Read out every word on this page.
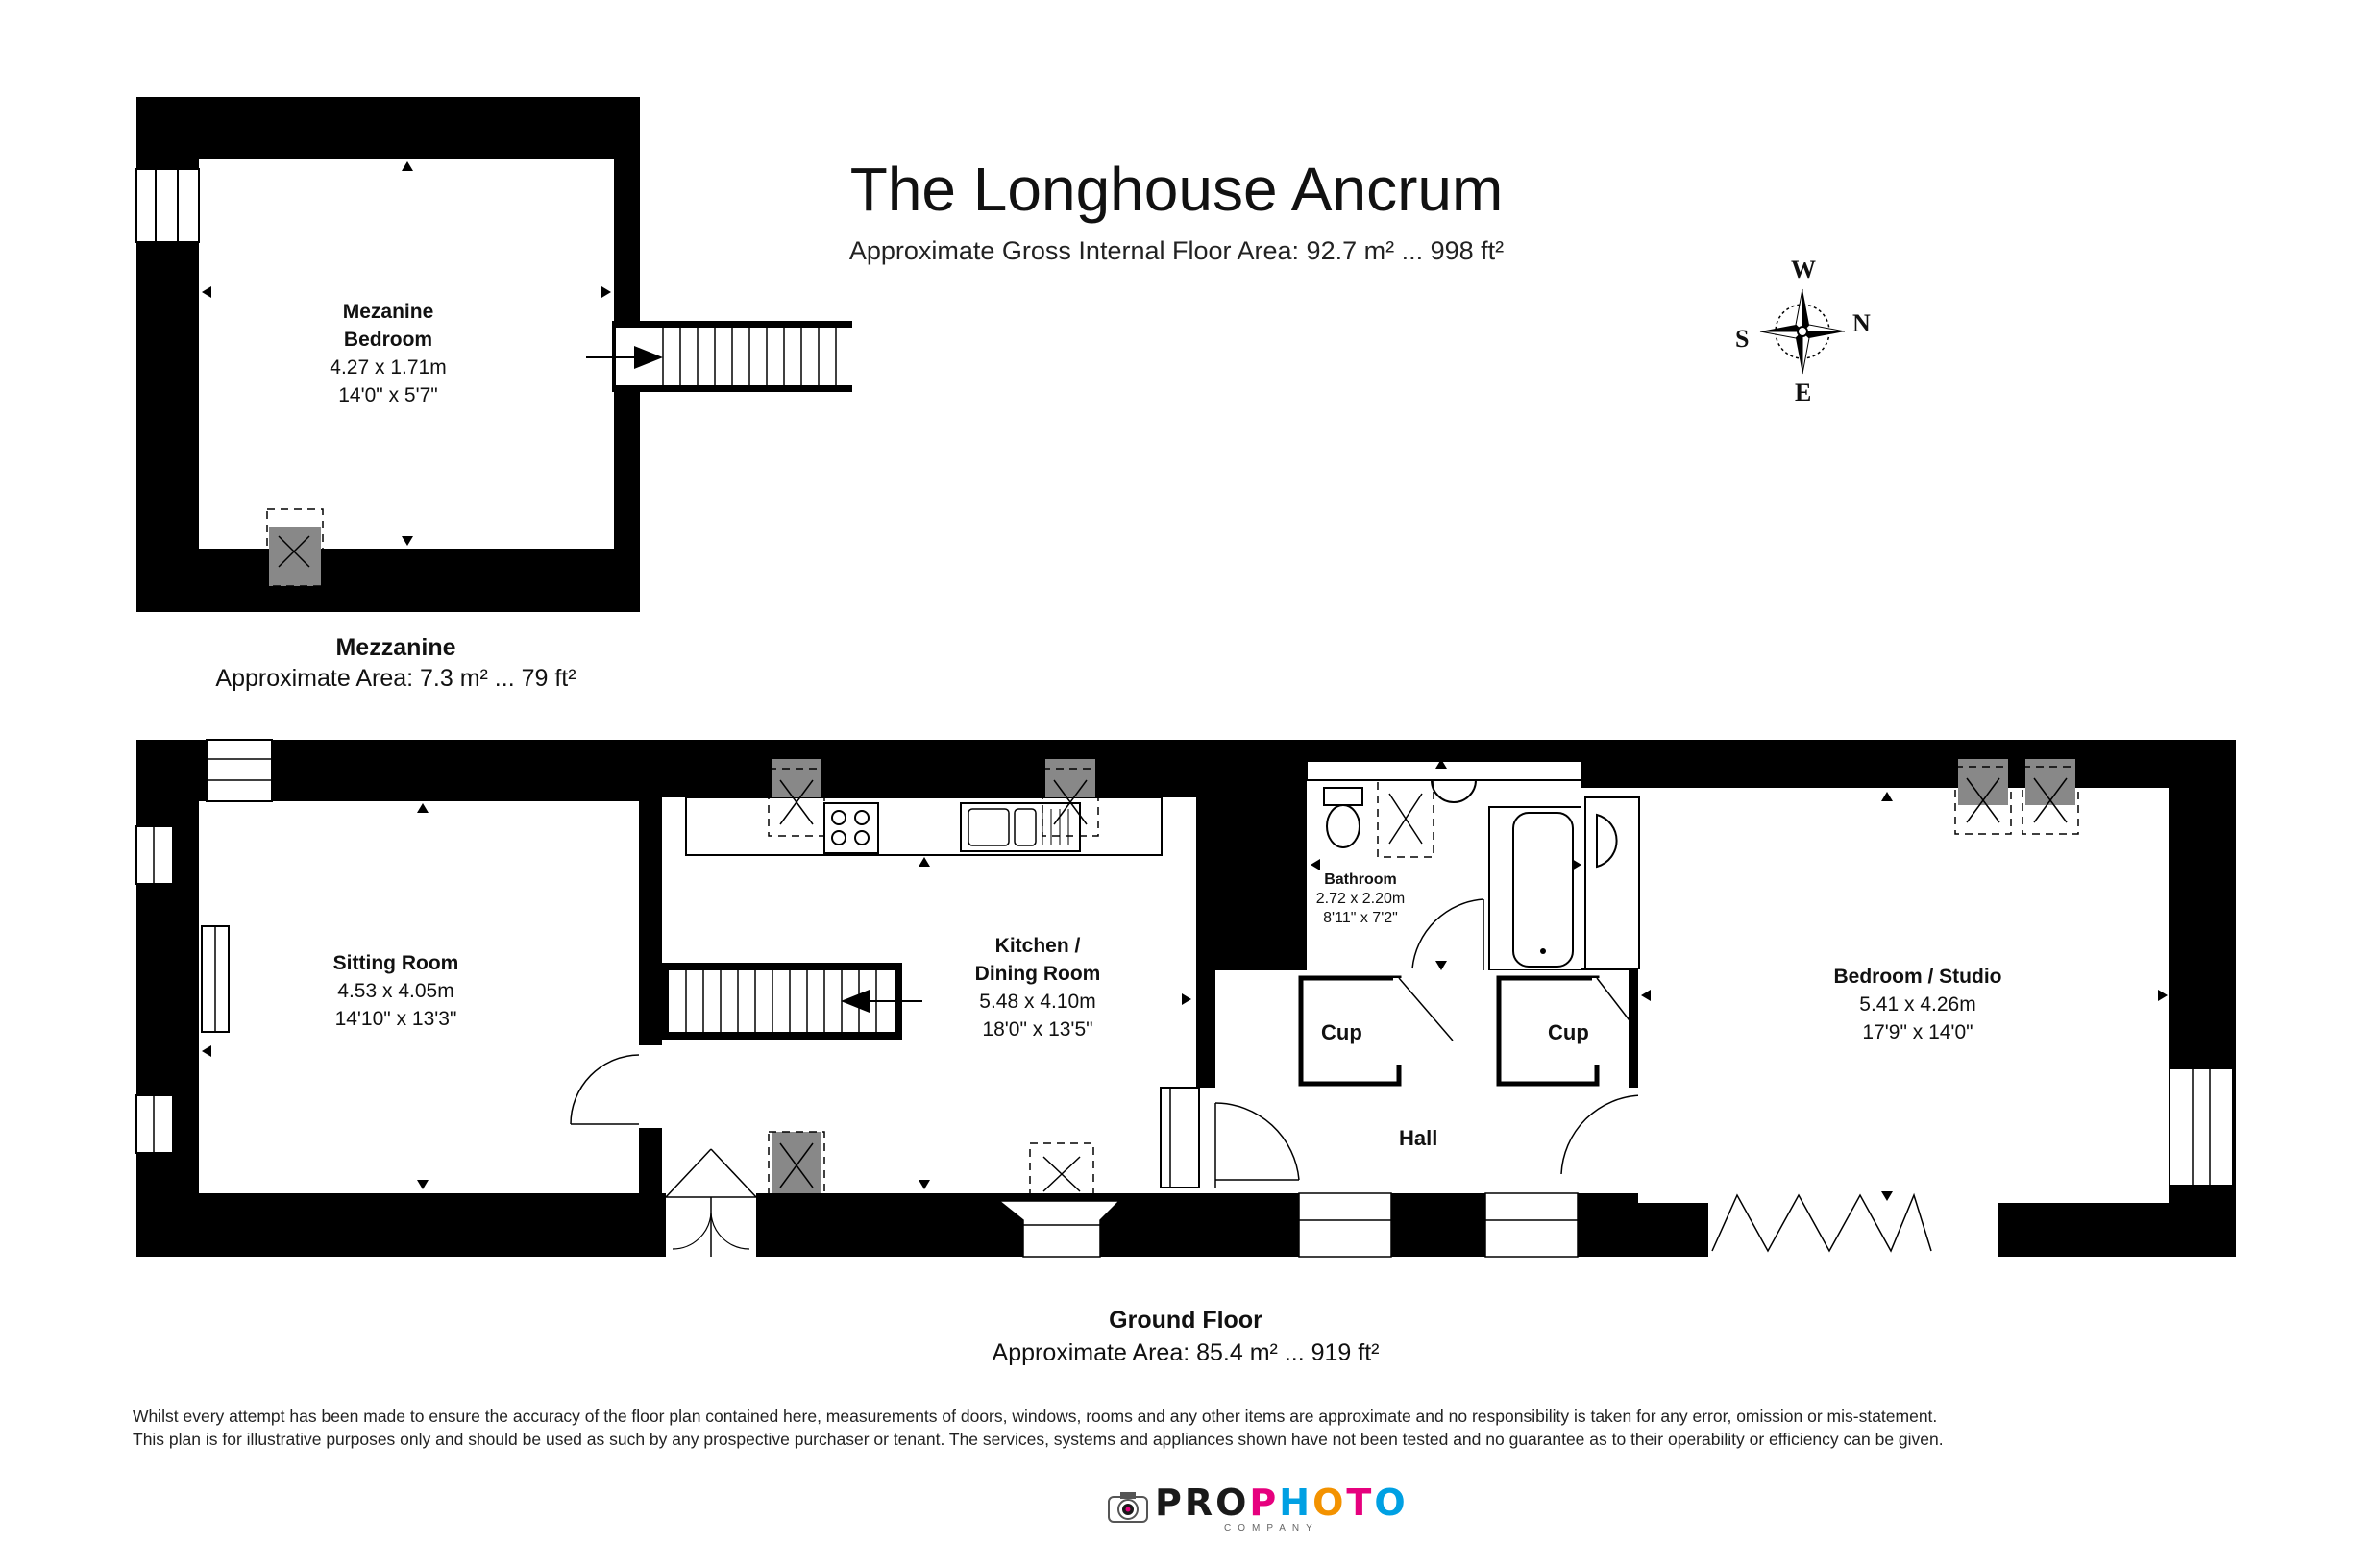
The Longhouse Ancrum
Approximate Gross Internal Floor Area: 92.7 m² ... 998 ft²
W
N
S
E
Mezanine
Bedroom
4.27 x 1.71m
14'0" x 5'7"
Mezzanine
Approximate Area: 7.3 m² ... 79 ft²
Sitting Room
4.53 x 4.05m
14'10" x 13'3"
Kitchen /
Dining Room
5.48 x 4.10m
18'0" x 13'5"
Bathroom
2.72 x 2.20m
8'11" x 7'2"
Bedroom / Studio
5.41 x 4.26m
17'9" x 14'0"
Cup	Cup
Hall
Ground Floor
Approximate Area: 85.4 m² ... 919 ft²
Whilst every attempt has been made to ensure the accuracy of the floor plan contained here, measurements of doors, windows, rooms and any other items are approximate and no responsibility is taken for any error, omission or mis-statement.
This plan is for illustrative purposes only and should be used as such by any prospective purchaser or tenant. The services, systems and appliances shown have not been tested and no guarantee as to their operability or efficiency can be given.
PROPHOTO
COMPANY
